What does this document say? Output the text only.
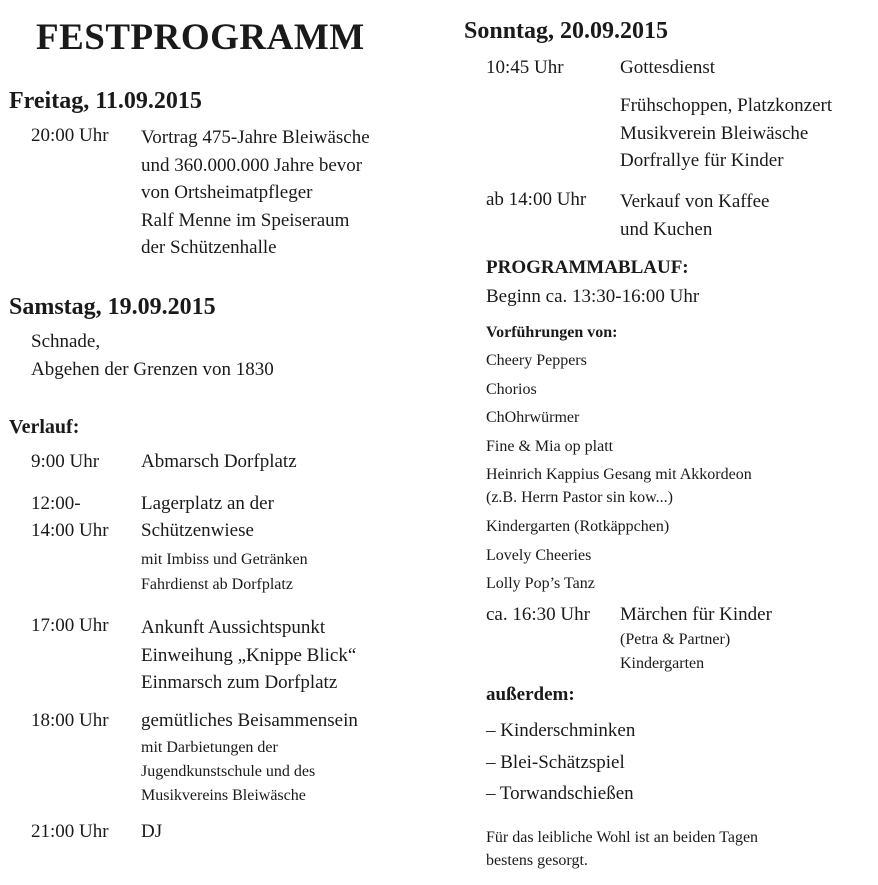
FESTPROGRAMM
Freitag, 11.09.2015
20:00 Uhr Vortrag 475-Jahre Bleiwäsche
und 360.000.000 Jahre bevor
von Ortsheimatpfleger
Ralf Menne im Speiseraum
der Schützenhalle
Samstag, 19.09.2015
Schnade,
Abgehen der Grenzen von 1830
Verlauf:
9:00 Uhr Abmarsch Dorfplatz
12:00-
14:00 Uhr
Lagerplatz an der
Schützenwiese
mit Imbiss und Getränken
Fahrdienst ab Dorfplatz
17:00 Uhr Ankunft Aussichtspunkt
Einweihung „Knippe Blick“
Einmarsch zum Dorfplatz
18:00 Uhr gemütliches Beisammensein
mit Darbietungen der
Jugendkunstschule und des
Musikvereins Bleiwäsche
21:00 Uhr DJ
Sonntag, 20.09.2015
10:45 Uhr	Gottesdienst
Frühschoppen, Platzkonzert
Musikverein Bleiwäsche
Dorfrallye für Kinder
ab 14:00 Uhr Verkauf von Kaffee
und Kuchen
PROGRAMMABLAUF:
Beginn ca. 13:30-16:00 Uhr
Vorführungen von:
Cheery Peppers
Chorios
ChOhrwürmer
Fine & Mia op platt
Heinrich Kappius Gesang mit Akkordeon
(z.B. Herrn Pastor sin kow...)
Kindergarten (Rotkäppchen)
Lovely Cheeries
Lolly Pop’s Tanz
ca. 16:30 Uhr Märchen für Kinder
(Petra & Partner)
Kindergarten
außerdem:
– Kinderschminken
– Blei-Schätzspiel
– Torwandschießen
Für das leibliche Wohl ist an beiden Tagen
bestens gesorgt.
